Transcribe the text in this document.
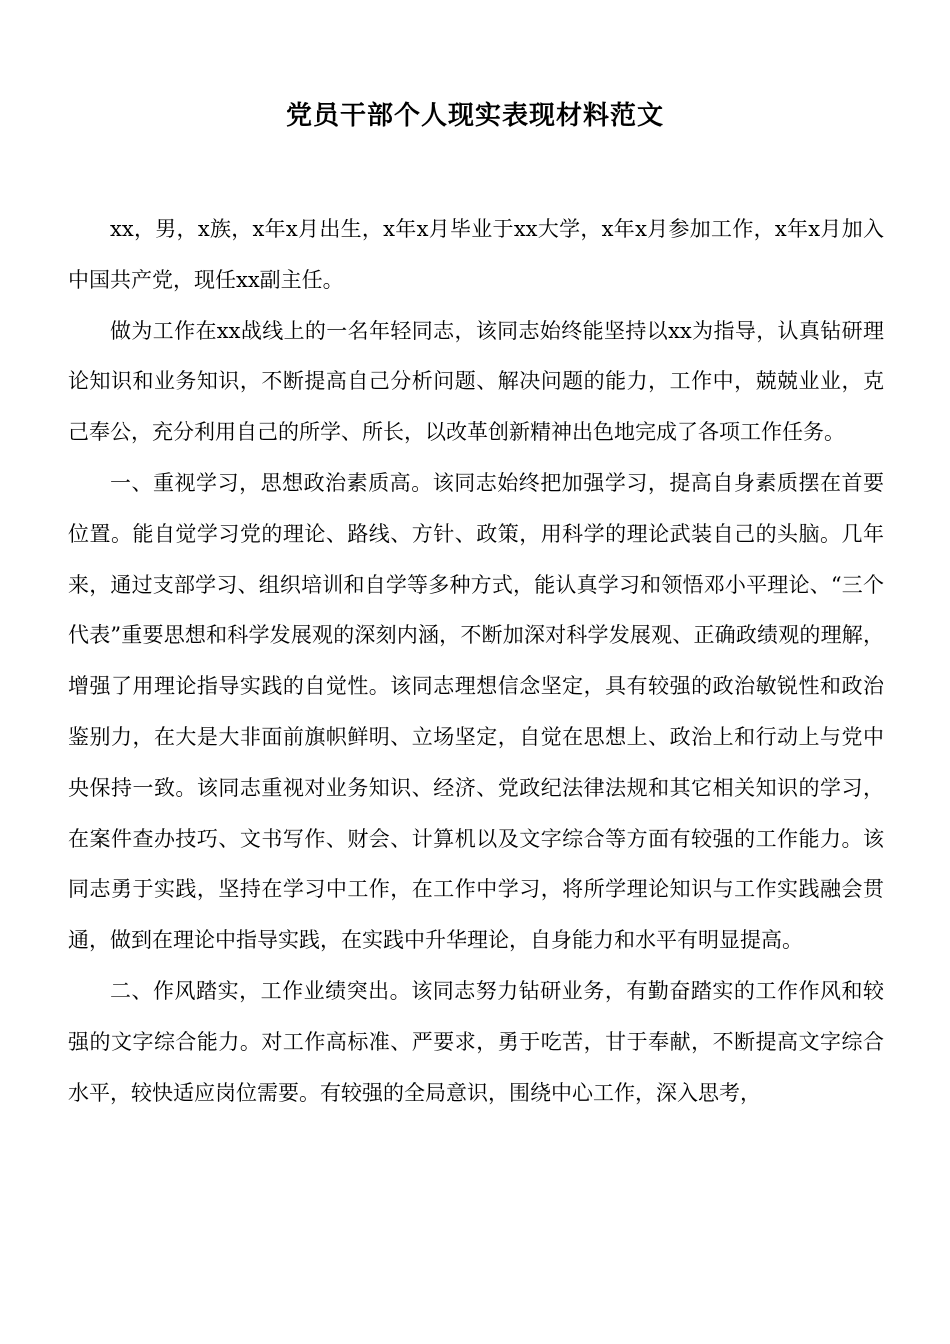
党员干部个人现实表现材料范文

xx，男，x族，x年x月出生，x年x月毕业于xx大学，x年x月参加工作，x年x月加入中国共产党，现任xx副主任。

做为工作在xx战线上的一名年轻同志，该同志始终能坚持以xx为指导，认真钻研理论知识和业务知识，不断提高自己分析问题、解决问题的能力，工作中，兢兢业业，克己奉公，充分利用自己的所学、所长，以改革创新精神出色地完成了各项工作任务。

一、重视学习，思想政治素质高。该同志始终把加强学习，提高自身素质摆在首要位置。能自觉学习党的理论、路线、方针、政策，用科学的理论武装自己的头脑。几年来，通过支部学习、组织培训和自学等多种方式，能认真学习和领悟邓小平理论、“三个代表”重要思想和科学发展观的深刻内涵，不断加深对科学发展观、正确政绩观的理解，增强了用理论指导实践的自觉性。该同志理想信念坚定，具有较强的政治敏锐性和政治鉴别力，在大是大非面前旗帜鲜明、立场坚定，自觉在思想上、政治上和行动上与党中央保持一致。该同志重视对业务知识、经济、党政纪法律法规和其它相关知识的学习，在案件查办技巧、文书写作、财会、计算机以及文字综合等方面有较强的工作能力。该同志勇于实践，坚持在学习中工作，在工作中学习，将所学理论知识与工作实践融会贯通，做到在理论中指导实践，在实践中升华理论，自身能力和水平有明显提高。

二、作风踏实，工作业绩突出。该同志努力钻研业务，有勤奋踏实的工作作风和较强的文字综合能力。对工作高标准、严要求，勇于吃苦，甘于奉献，不断提高文字综合水平，较快适应岗位需要。有较强的全局意识，围绕中心工作，深入思考，
